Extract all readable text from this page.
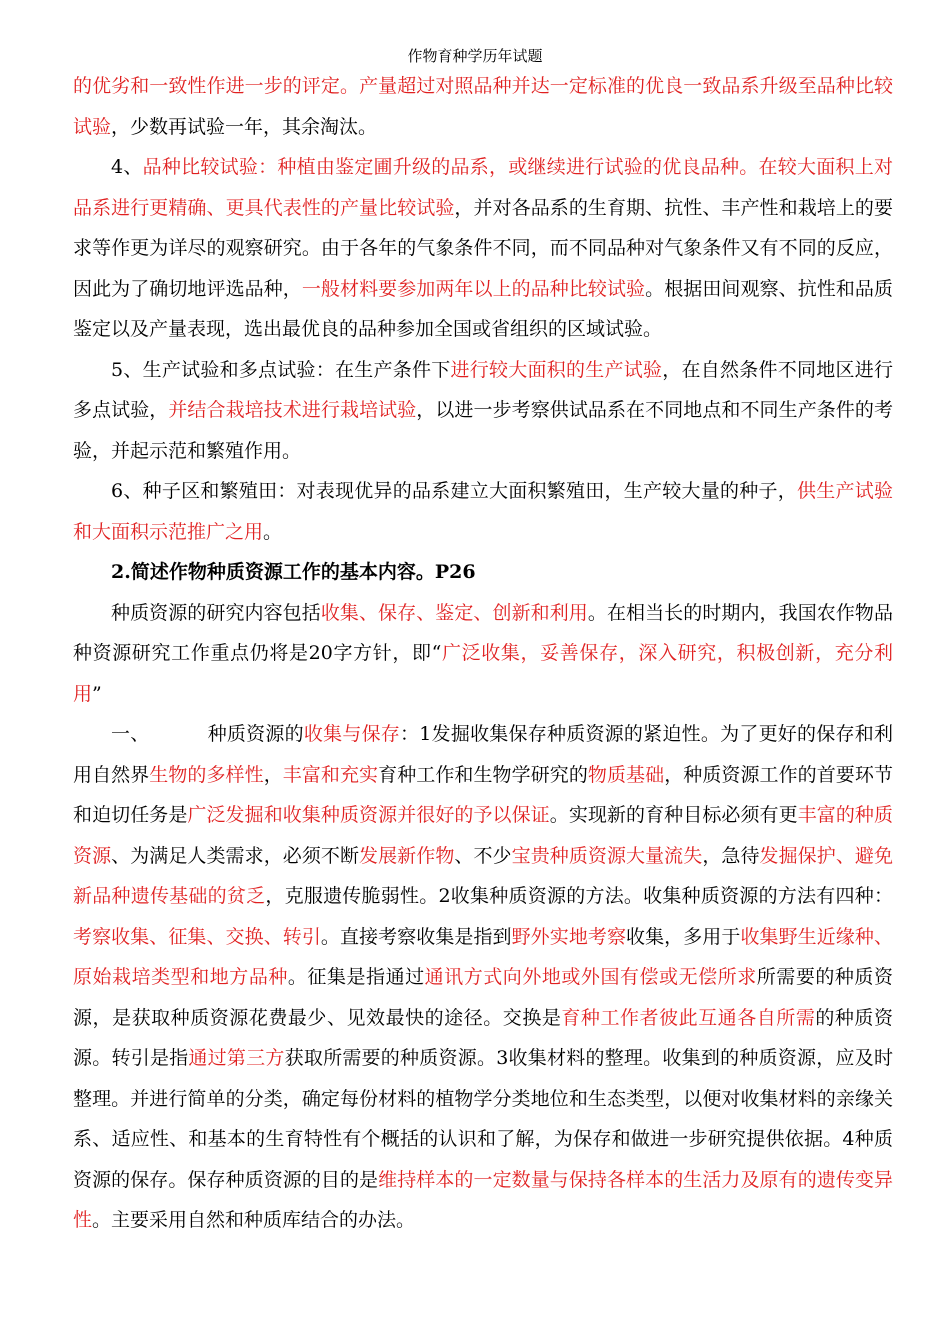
作物育种学历年试题

的优劣和一致性作进一步的评定。产量超过对照品种并达一定标准的优良一致品系升级至品种比较试验，少数再试验一年，其余淘汰。

4、品种比较试验：种植由鉴定圃升级的品系，或继续进行试验的优良品种。在较大面积上对品系进行更精确、更具代表性的产量比较试验，并对各品系的生育期、抗性、丰产性和栽培上的要求等作更为详尽的观察研究。由于各年的气象条件不同，而不同品种对气象条件又有不同的反应，因此为了确切地评选品种，一般材料要参加两年以上的品种比较试验。根据田间观察、抗性和品质鉴定以及产量表现，选出最优良的品种参加全国或省组织的区域试验。

5、生产试验和多点试验：在生产条件下进行较大面积的生产试验，在自然条件不同地区进行多点试验，并结合栽培技术进行栽培试验，以进一步考察供试品系在不同地点和不同生产条件的考验，并起示范和繁殖作用。

6、种子区和繁殖田：对表现优异的品系建立大面积繁殖田，生产较大量的种子，供生产试验和大面积示范推广之用。

2.简述作物种质资源工作的基本内容。P26

种质资源的研究内容包括收集、保存、鉴定、创新和利用。在相当长的时期内，我国农作物品种资源研究工作重点仍将是20字方针，即“广泛收集，妥善保存，深入研究，积极创新，充分利用”

一、	种质资源的收集与保存：1发掘收集保存种质资源的紧迫性。为了更好的保存和利用自然界生物的多样性，丰富和充实育种工作和生物学研究的物质基础，种质资源工作的首要环节和迫切任务是广泛发掘和收集种质资源并很好的予以保证。实现新的育种目标必须有更丰富的种质资源、为满足人类需求，必须不断发展新作物、不少宝贵种质资源大量流失，急待发掘保护、避免新品种遗传基础的贫乏，克服遗传脆弱性。2收集种质资源的方法。收集种质资源的方法有四种：考察收集、征集、交换、转引。直接考察收集是指到野外实地考察收集，多用于收集野生近缘种、原始栽培类型和地方品种。征集是指通过通讯方式向外地或外国有偿或无偿所求所需要的种质资源，是获取种质资源花费最少、见效最快的途径。交换是育种工作者彼此互通各自所需的种质资源。转引是指通过第三方获取所需要的种质资源。3收集材料的整理。收集到的种质资源，应及时整理。并进行简单的分类，确定每份材料的植物学分类地位和生态类型，以便对收集材料的亲缘关系、适应性、和基本的生育特性有个概括的认识和了解，为保存和做进一步研究提供依据。4种质资源的保存。保存种质资源的目的是维持样本的一定数量与保持各样本的生活力及原有的遗传变异性。主要采用自然和种质库结合的办法。
